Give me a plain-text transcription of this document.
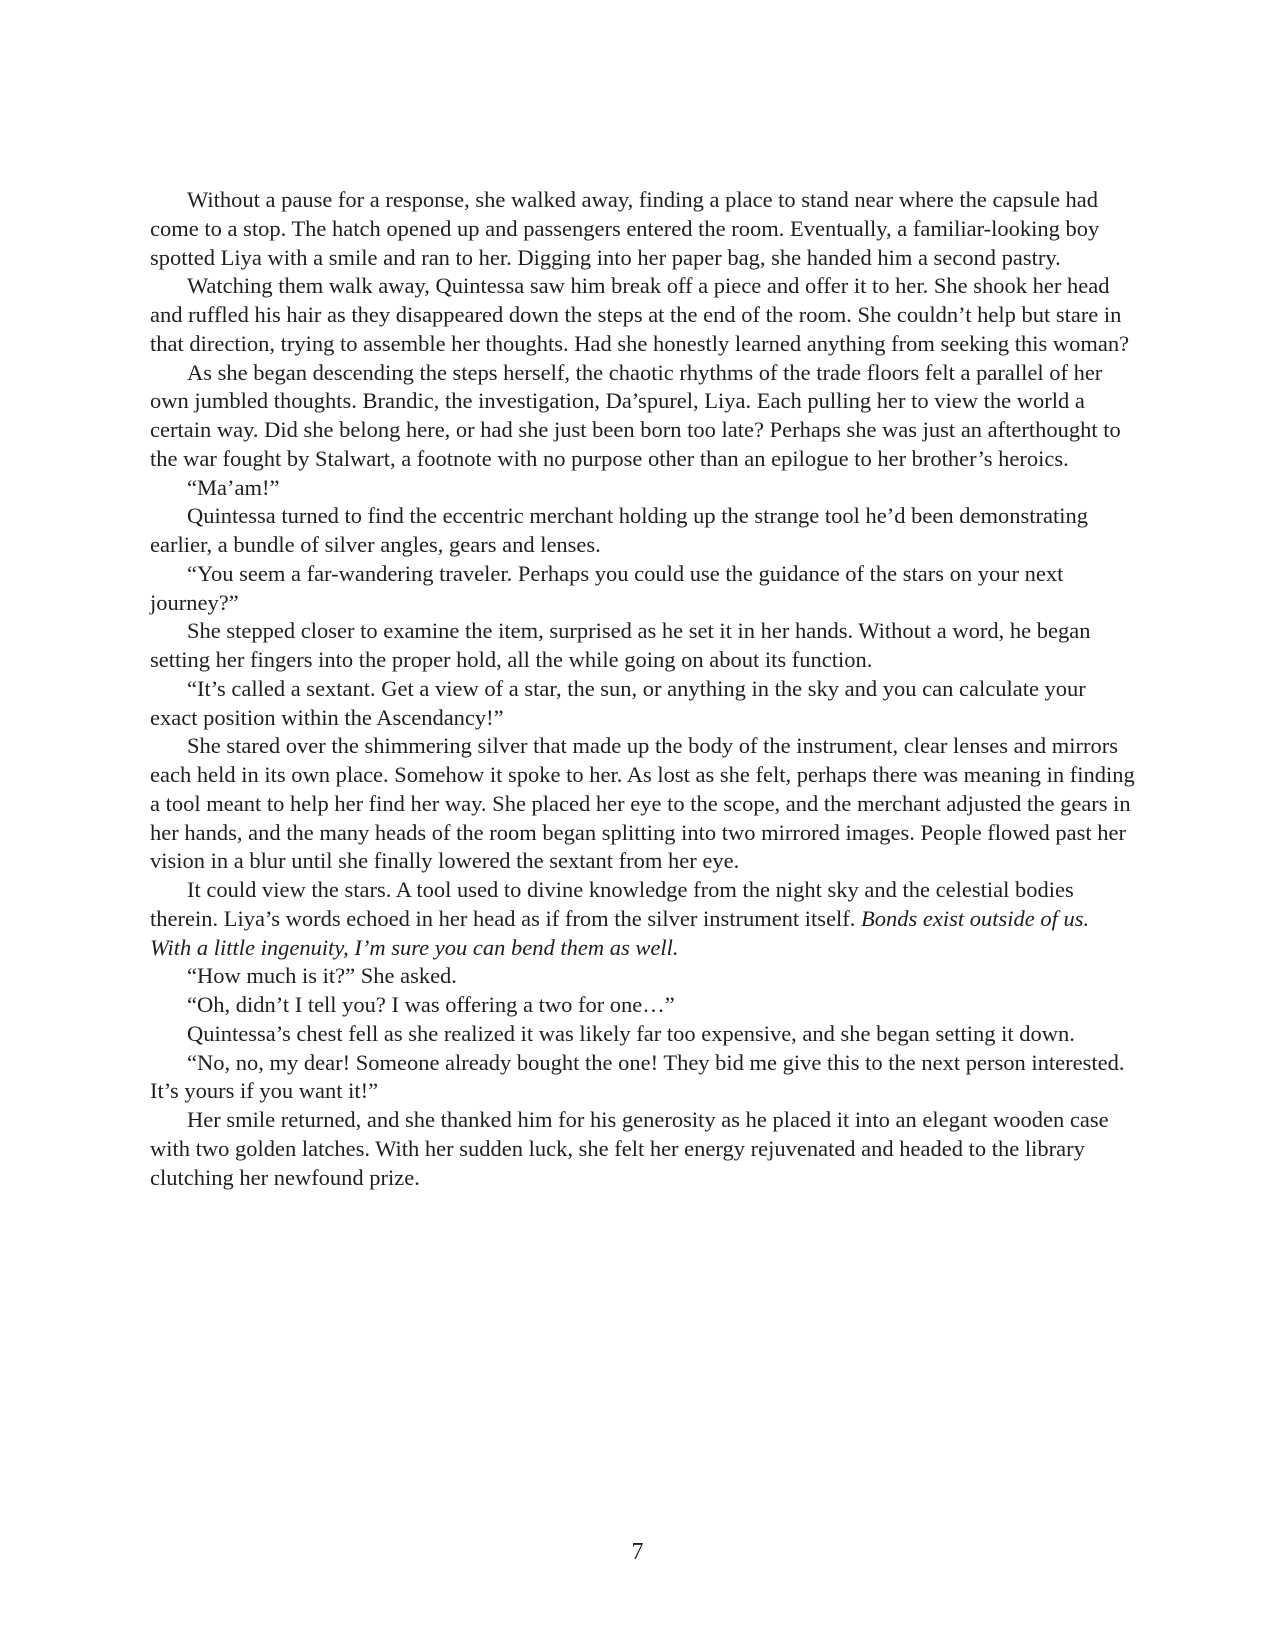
Without a pause for a response, she walked away, finding a place to stand near where the capsule had come to a stop. The hatch opened up and passengers entered the room. Eventually, a familiar-looking boy spotted Liya with a smile and ran to her. Digging into her paper bag, she handed him a second pastry.

Watching them walk away, Quintessa saw him break off a piece and offer it to her. She shook her head and ruffled his hair as they disappeared down the steps at the end of the room. She couldn’t help but stare in that direction, trying to assemble her thoughts. Had she honestly learned anything from seeking this woman?

As she began descending the steps herself, the chaotic rhythms of the trade floors felt a parallel of her own jumbled thoughts. Brandic, the investigation, Da’spurel, Liya. Each pulling her to view the world a certain way. Did she belong here, or had she just been born too late? Perhaps she was just an afterthought to the war fought by Stalwart, a footnote with no purpose other than an epilogue to her brother’s heroics.

“Ma’am!”

Quintessa turned to find the eccentric merchant holding up the strange tool he’d been demonstrating earlier, a bundle of silver angles, gears and lenses.

“You seem a far-wandering traveler. Perhaps you could use the guidance of the stars on your next journey?”

She stepped closer to examine the item, surprised as he set it in her hands. Without a word, he began setting her fingers into the proper hold, all the while going on about its function.

“It’s called a sextant. Get a view of a star, the sun, or anything in the sky and you can calculate your exact position within the Ascendancy!”

She stared over the shimmering silver that made up the body of the instrument, clear lenses and mirrors each held in its own place. Somehow it spoke to her. As lost as she felt, perhaps there was meaning in finding a tool meant to help her find her way. She placed her eye to the scope, and the merchant adjusted the gears in her hands, and the many heads of the room began splitting into two mirrored images. People flowed past her vision in a blur until she finally lowered the sextant from her eye.

It could view the stars. A tool used to divine knowledge from the night sky and the celestial bodies therein. Liya’s words echoed in her head as if from the silver instrument itself. Bonds exist outside of us. With a little ingenuity, I’m sure you can bend them as well.

“How much is it?” She asked.

“Oh, didn’t I tell you? I was offering a two for one…”

Quintessa’s chest fell as she realized it was likely far too expensive, and she began setting it down.

“No, no, my dear! Someone already bought the one! They bid me give this to the next person interested. It’s yours if you want it!”

Her smile returned, and she thanked him for his generosity as he placed it into an elegant wooden case with two golden latches. With her sudden luck, she felt her energy rejuvenated and headed to the library clutching her newfound prize.

7
